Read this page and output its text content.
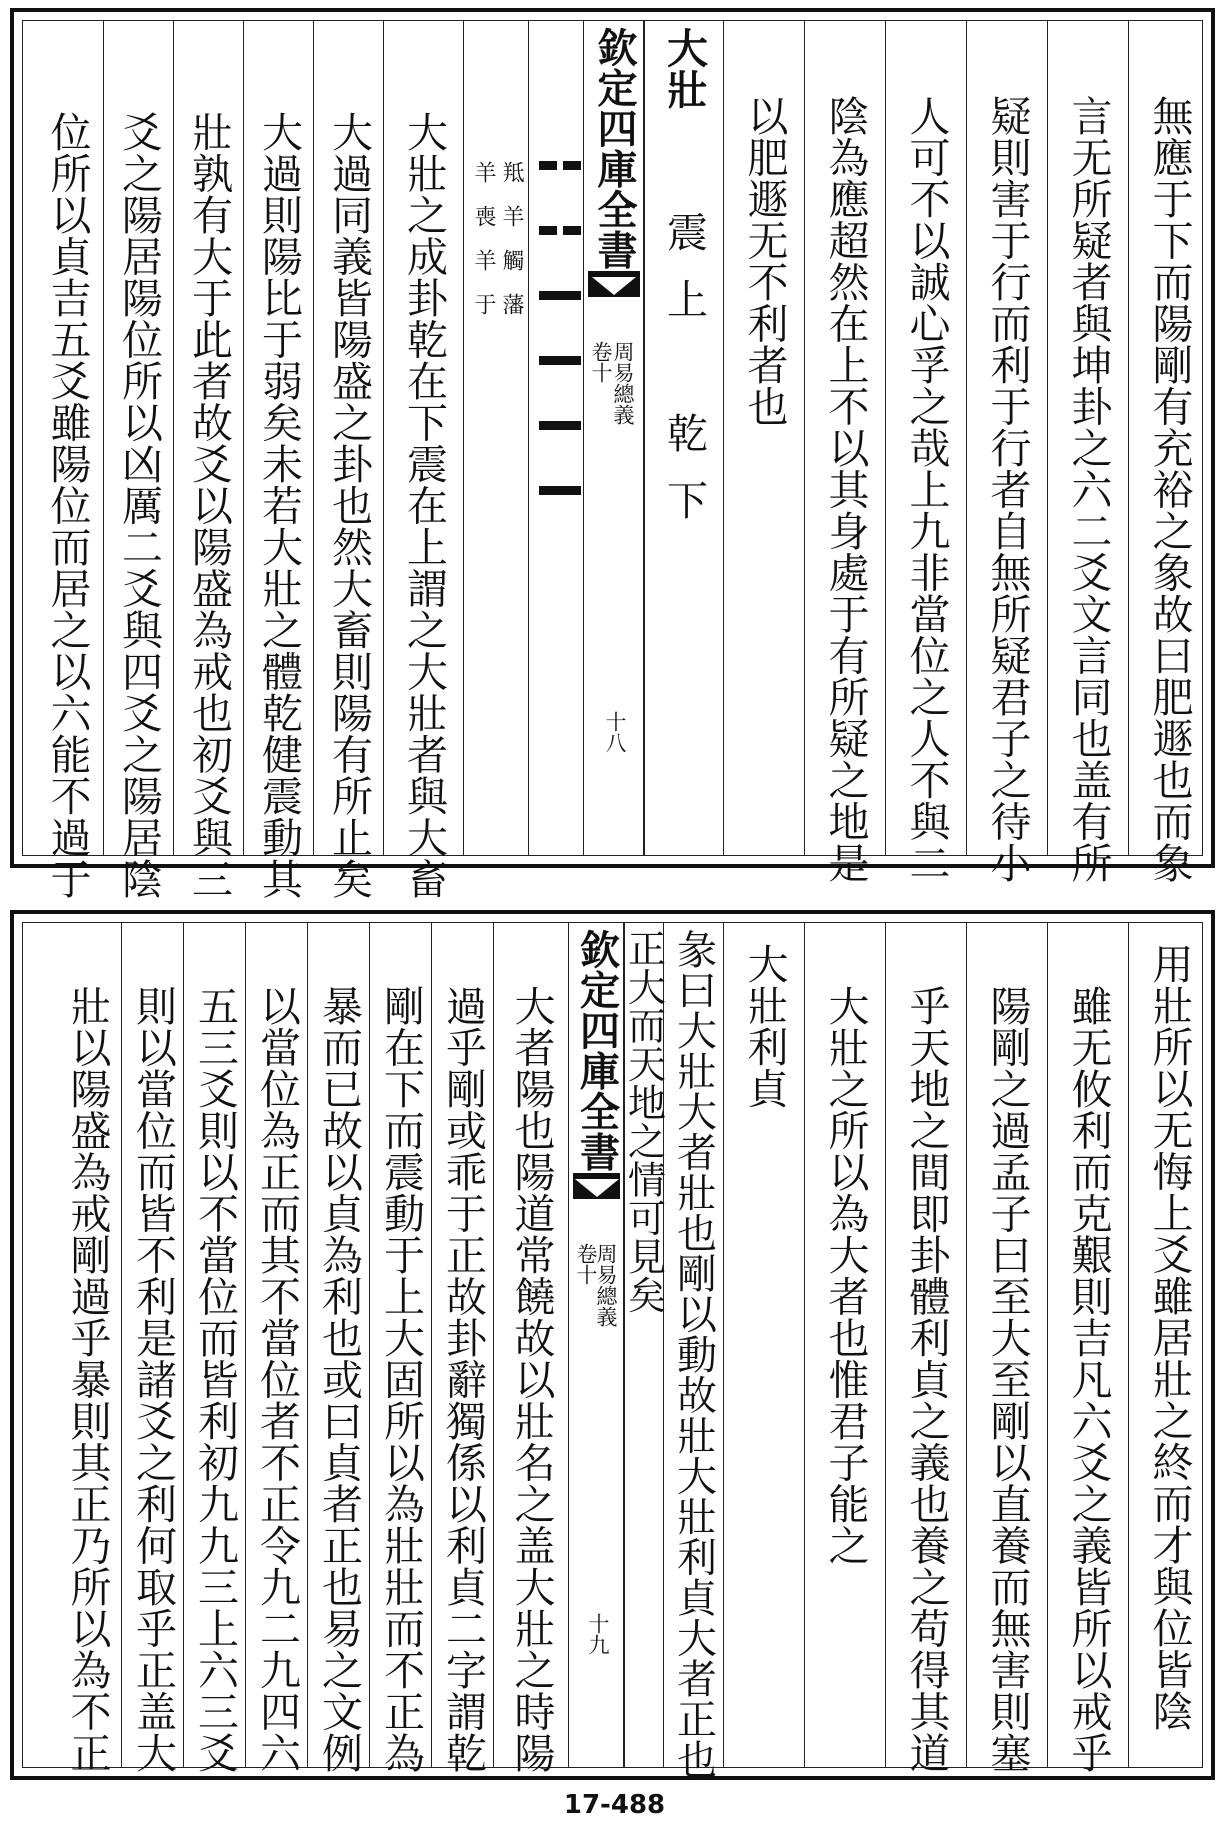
無應于下而陽剛有充裕之象故曰肥遯也而象
言无所疑者與坤卦之六二爻文言同也盖有所
疑則害于行而利于行者自無所疑君子之待小
人可不以誠心孚之哉上九非當位之人不與二
陰為應超然在上不以其身處于有所疑之地是
以肥遯无不利者也
大壯
震上　乾下
欽定四庫全書
周易總義
卷十
十八
羝羊觸藩
羊喪羊于
大壯之成卦乾在下震在上謂之大壯者與大畜
大過同義皆陽盛之卦也然大畜則陽有所止矣
大過則陽比于弱矣未若大壯之體乾健震動其
壯孰有大于此者故爻以陽盛為戒也初爻與三
爻之陽居陽位所以凶厲二爻與四爻之陽居陰
位所以貞吉五爻雖陽位而居之以六能不過于
用壯所以无悔上爻雖居壯之終而才與位皆陰
雖无攸利而克艱則吉凡六爻之義皆所以戒乎
陽剛之過孟子曰至大至剛以直養而無害則塞
乎天地之間即卦體利貞之義也養之苟得其道
大壯之所以為大者也惟君子能之
大壯利貞
彖曰大壯大者壯也剛以動故壯大壯利貞大者正也
正大而天地之情可見矣
欽定四庫全書
周易總義
卷十
十九
大者陽也陽道常饒故以壯名之盖大壯之時陽
過乎剛或乖于正故卦辭獨係以利貞二字謂乾
剛在下而震動于上大固所以為壯壯而不正為
暴而已故以貞為利也或曰貞者正也易之文例
以當位為正而其不當位者不正令九二九四六
五三爻則以不當位而皆利初九九三上六三爻
則以當位而皆不利是諸爻之利何取乎正盖大
壯以陽盛為戒剛過乎暴則其正乃所以為不正
17-488
